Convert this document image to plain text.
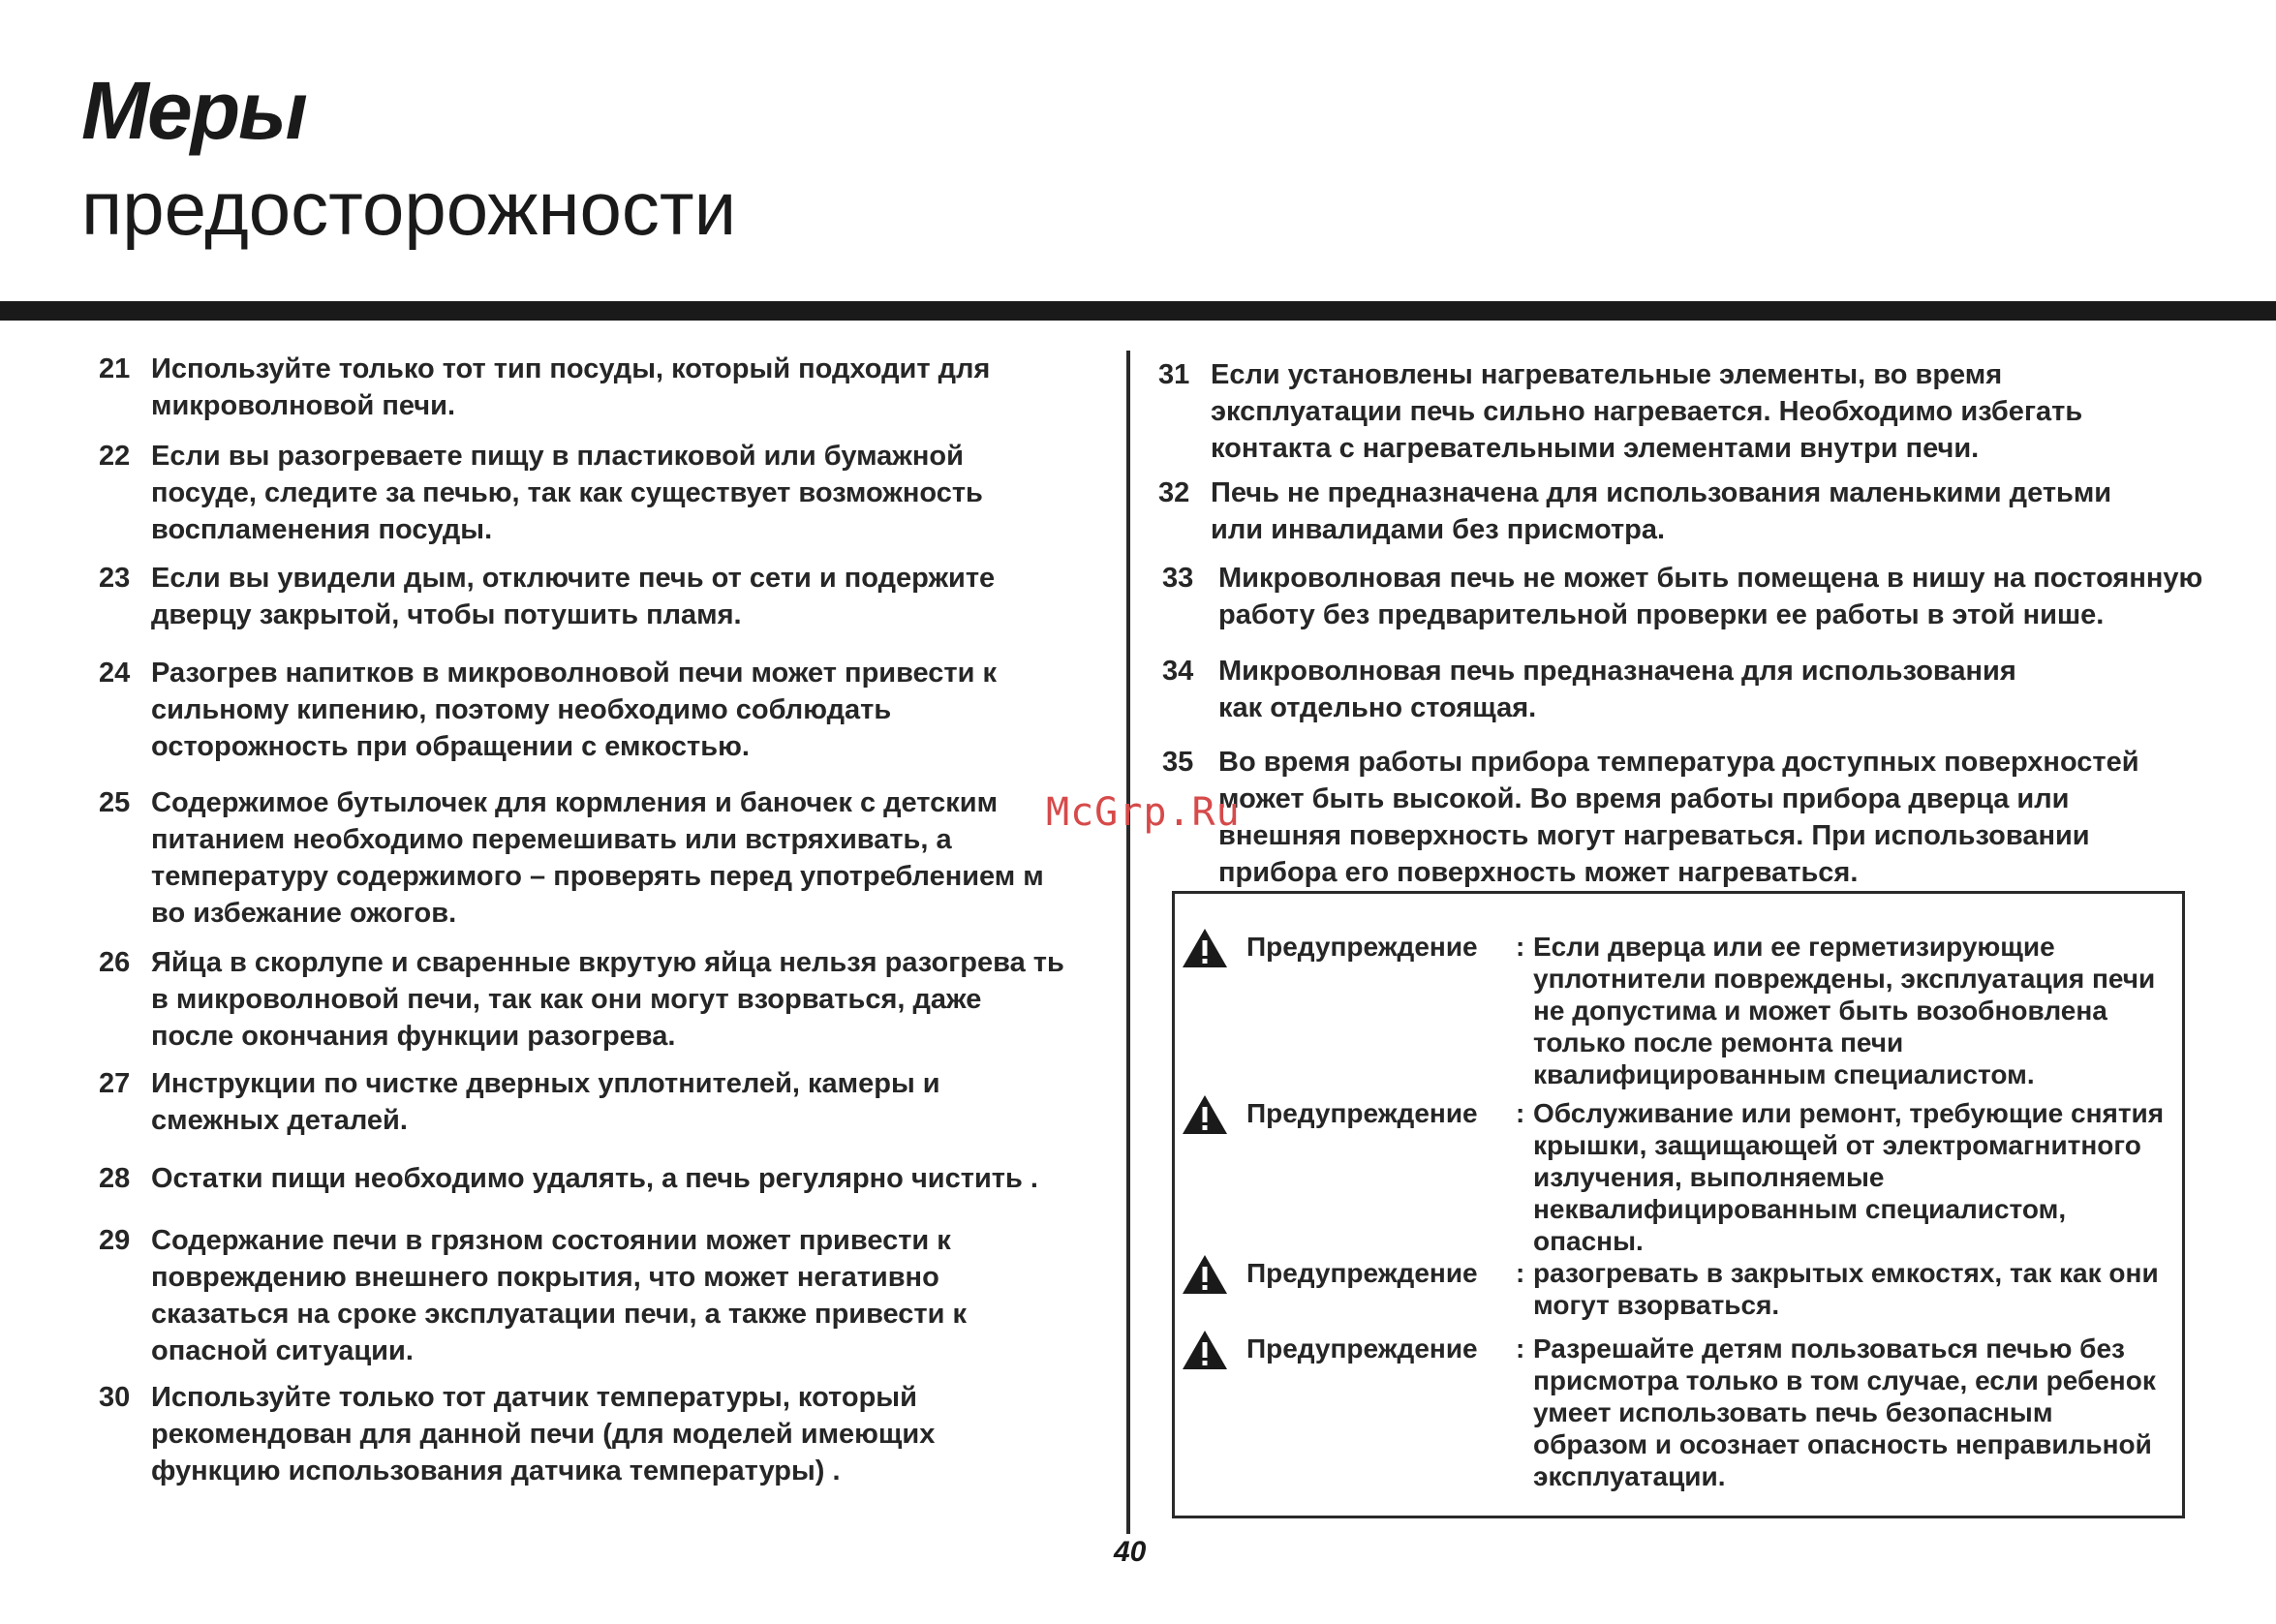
Меры
предосторожности
21 Используйте только тот тип посуды, который подходит для
микроволновой печи.
22 Если вы разогреваете пищу в пластиковой или бумажной
посуде, следите за печью, так как существует возможность
воспламенения посуды.
23 Если вы увидели дым, отключите печь от сети и подержите
дверцу закрытой, чтобы потушить пламя.
24 Разогрев напитков в микроволновой печи может привести к
сильному кипению, поэтому необходимо соблюдать
осторожность при обращении с емкостью.
25 Содержимое бутылочек для кормления и баночек с детским
питанием необходимо перемешивать или встряхивать, а
температуру содержимого – проверять перед употреблением м
во избежание ожогов.
26 Яйца в скорлупе и сваренные вкрутую яйца нельзя разогрева ть
в микроволновой печи, так как они могут взорваться, даже
после окончания функции разогрева.
27 Инструкции по чистке дверных уплотнителей, камеры и
смежных деталей.
28 Остатки пищи необходимо удалять, а печь регулярно чистить .
29 Содержание печи в грязном состоянии может привести к
повреждению внешнего покрытия, что может негативно
сказаться на сроке эксплуатации печи, а также привести к
опасной ситуации.
30 Используйте только тот датчик температуры, который
рекомендован для данной печи (для моделей имеющих
функцию использования датчика температуры) .
31 Если установлены нагревательные элементы, во время
эксплуатации печь сильно нагревается. Необходимо избегать
контакта с нагревательными элементами внутри печи.
32 Печь не предназначена для использования маленькими детьми
или инвалидами без присмотра.
33 Микроволновая печь не может быть помещена в нишу на постоянную
работу без предварительной проверки ее работы в этой нише.
34 Микроволновая печь предназначена для использования
как отдельно стоящая.
35 Во время работы прибора температура доступных поверхностей
может быть высокой. Во время работы прибора дверца или
внешняя поверхность могут нагреваться. При использовании
прибора его поверхность может нагреваться.
McGrp.Ru
Предупреждение : Если дверца или ее герметизирующие
уплотнители повреждены, эксплуатация печи
не допустима и может быть возобновлена
только после ремонта печи
квалифицированным специалистом.
Предупреждение : Обслуживание или ремонт, требующие снятия
крышки, защищающей от электромагнитного
излучения, выполняемые
неквалифицированным специалистом,
опасны.
Предупреждение : разогревать в закрытых емкостях, так как они
могут взорваться.
Предупреждение : Разрешайте детям пользоваться печью без
присмотра только в том случае, если ребенок
умеет использовать печь безопасным
образом и осознает опасность неправильной
эксплуатации.
40
